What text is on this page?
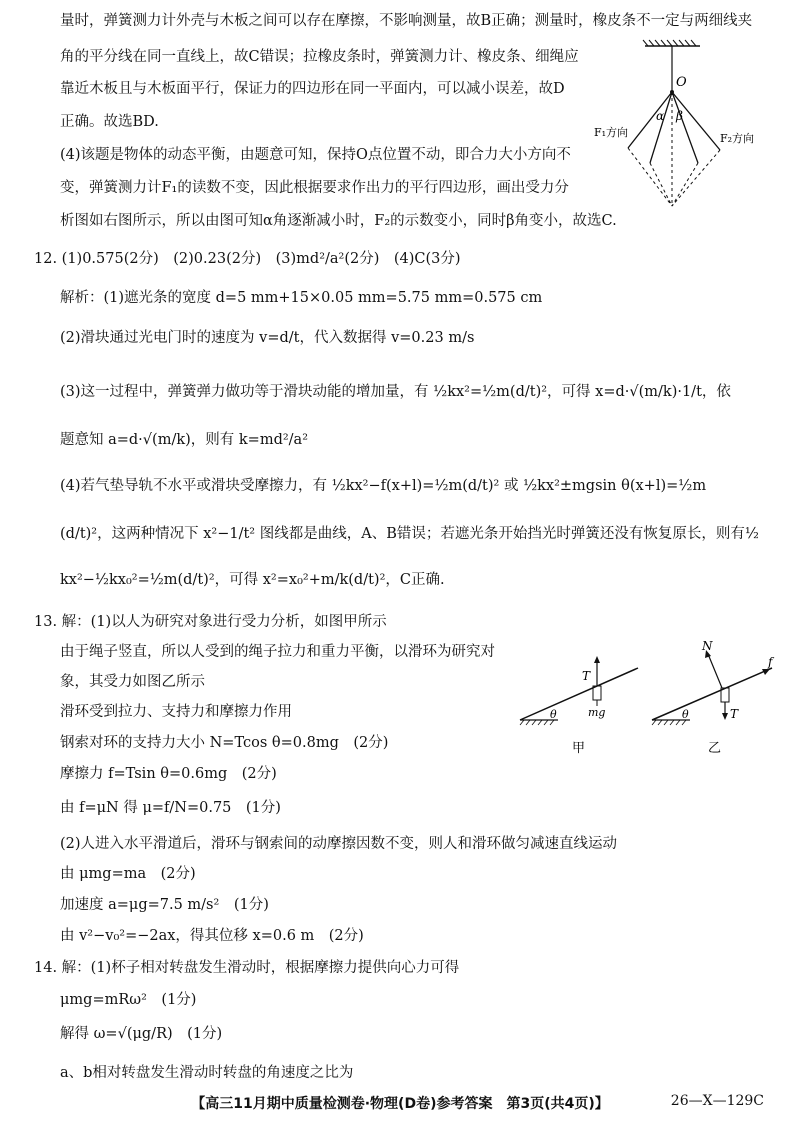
量时，弹簧测力计外壳与木板之间可以存在摩擦，不影响测量，故B正确；测量时，橡皮条不一定与两细线夹
角的平分线在同一直线上，故C错误；拉橡皮条时，弹簧测力计、橡皮条、细绳应
靠近木板且与木板面平行，保证力的四边形在同一平面内，可以减小误差，故D
正确。故选BD.
(4)该题是物体的动态平衡，由题意可知，保持O点位置不动，即合力大小方向不
变，弹簧测力计F₁的读数不变，因此根据要求作出力的平行四边形，画出受力分
析图如右图所示，所以由图可知α角逐渐减小时，F₂的示数变小，同时β角变小，故选C.
12. (1)0.575(2分)　(2)0.23(2分)　(3)md²/a²(2分)　(4)C(3分)
解析：(1)遮光条的宽度 d=5 mm+15×0.05 mm=5.75 mm=0.575 cm
(2)滑块通过光电门时的速度为 v=d/t，代入数据得 v=0.23 m/s
(3)这一过程中，弹簧弹力做功等于滑块动能的增加量，有 ½kx²=½m(d/t)²，可得 x=d·√(m/k)·1/t，依
题意知 a=d·√(m/k)，则有 k=md²/a²
(4)若气垫导轨不水平或滑块受摩擦力，有 ½kx²−f(x+l)=½m(d/t)² 或 ½kx²±mgsin θ(x+l)=½m
(d/t)²，这两种情况下 x²−1/t² 图线都是曲线，A、B错误；若遮光条开始挡光时弹簧还没有恢复原长，则有½
kx²−½kx₀²=½m(d/t)²，可得 x²=x₀²+m/k(d/t)²，C正确.
13. 解：(1)以人为研究对象进行受力分析，如图甲所示
由于绳子竖直，所以人受到的绳子拉力和重力平衡，以滑环为研究对
象，其受力如图乙所示
滑环受到拉力、支持力和摩擦力作用
钢索对环的支持力大小 N=Tcos θ=0.8mg　(2分)
摩擦力 f=Tsin θ=0.6mg　(2分)
由 f=μN 得 μ=f/N=0.75　(1分)
(2)人进入水平滑道后，滑环与钢索间的动摩擦因数不变，则人和滑环做匀减速直线运动
由 μmg=ma　(2分)
加速度 a=μg=7.5 m/s²　(1分)
由 v²−v₀²=−2ax，得其位移 x=0.6 m　(2分)
14. 解：(1)杯子相对转盘发生滑动时，根据摩擦力提供向心力可得
μmg=mRω²　(1分)
解得 ω=√(μg/R)　(1分)
a、b相对转盘发生滑动时转盘的角速度之比为
O
α β
F₁方向	F₂方向
θ
T
mg
甲
θ
N
f
T
乙
【高三11月期中质量检测卷·物理(D卷)参考答案　第3页(共4页)】	26—X—129C
